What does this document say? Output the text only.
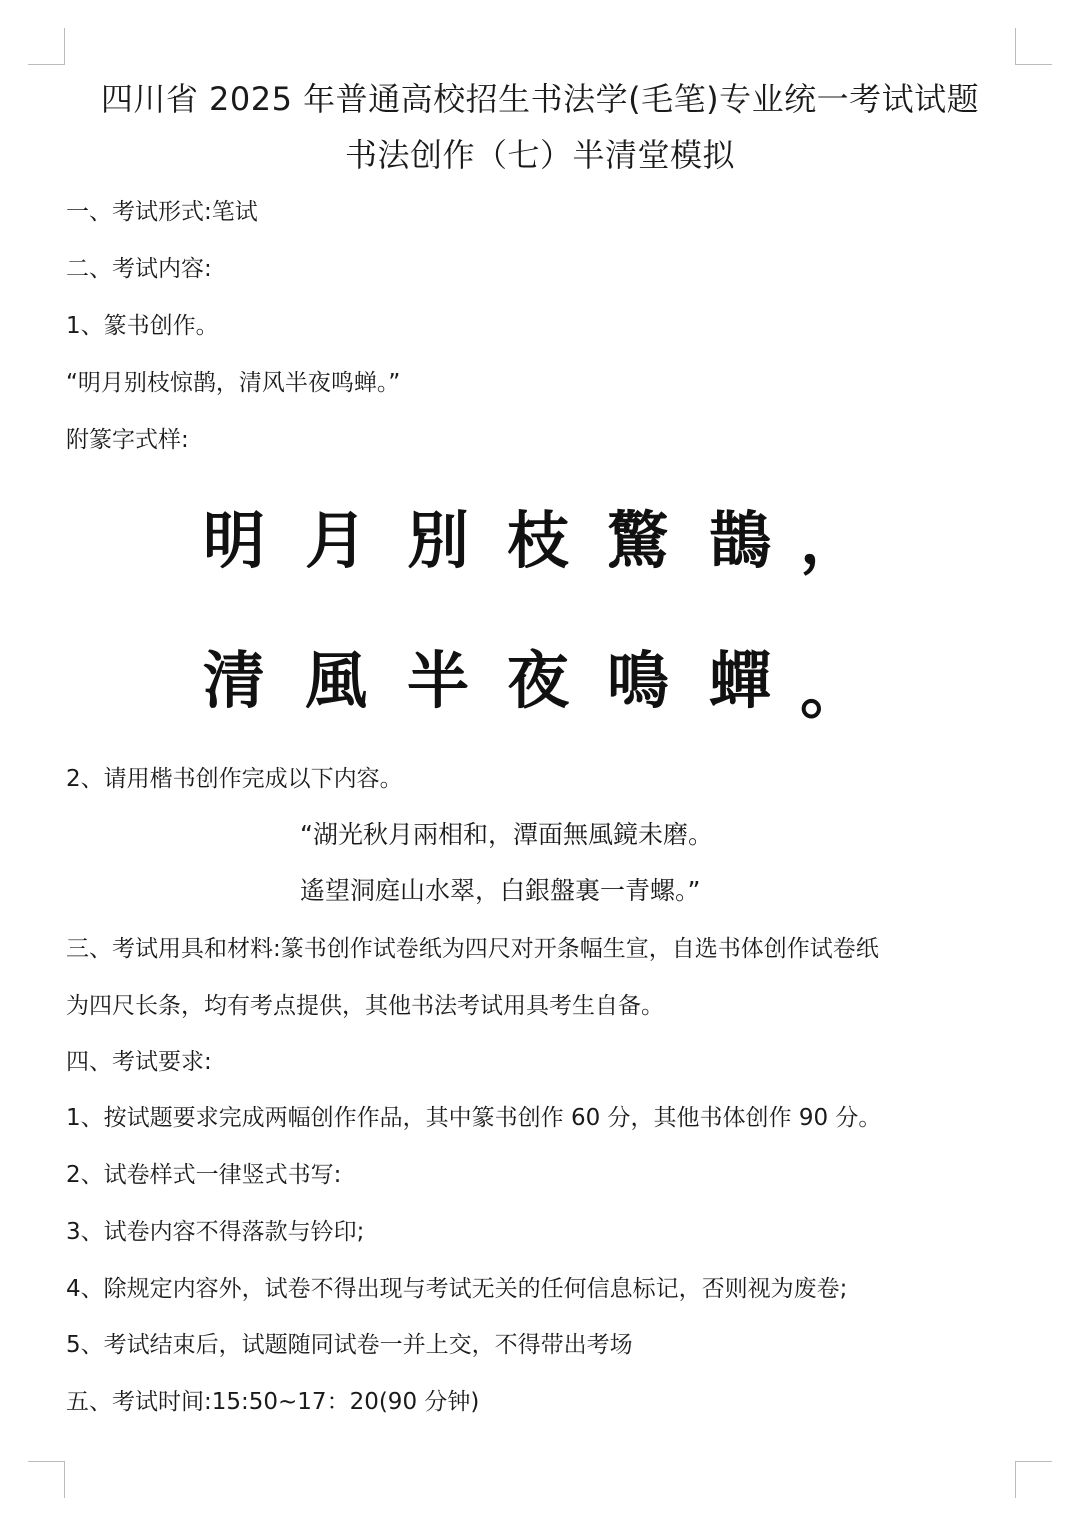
四川省 2025 年普通高校招生书法学(毛笔)专业统一考试试题
书法创作（七）半清堂模拟
一、考试形式:笔试
二、考试内容:
1、篆书创作。
“明月别枝惊鹊，清风半夜鸣蝉。”
附篆字式样:
明 月 別 枝 驚 鵲 ，
清 風 半 夜 鳴 蟬 。
2、请用楷书创作完成以下内容。
“湖光秋月兩相和，潭面無風鏡未磨。
遙望洞庭山水翠，白銀盤裏一青螺。”
三、考试用具和材料:篆书创作试卷纸为四尺对开条幅生宣，自选书体创作试卷纸
为四尺长条，均有考点提供，其他书法考试用具考生自备。
四、考试要求:
1、按试题要求完成两幅创作作品，其中篆书创作 60 分，其他书体创作 90 分。
2、试卷样式一律竖式书写:
3、试卷内容不得落款与钤印;
4、除规定内容外，试卷不得出现与考试无关的任何信息标记，否则视为废卷;
5、考试结束后，试题随同试卷一并上交，不得带出考场
五、考试时间:15:50~17：20(90 分钟)
